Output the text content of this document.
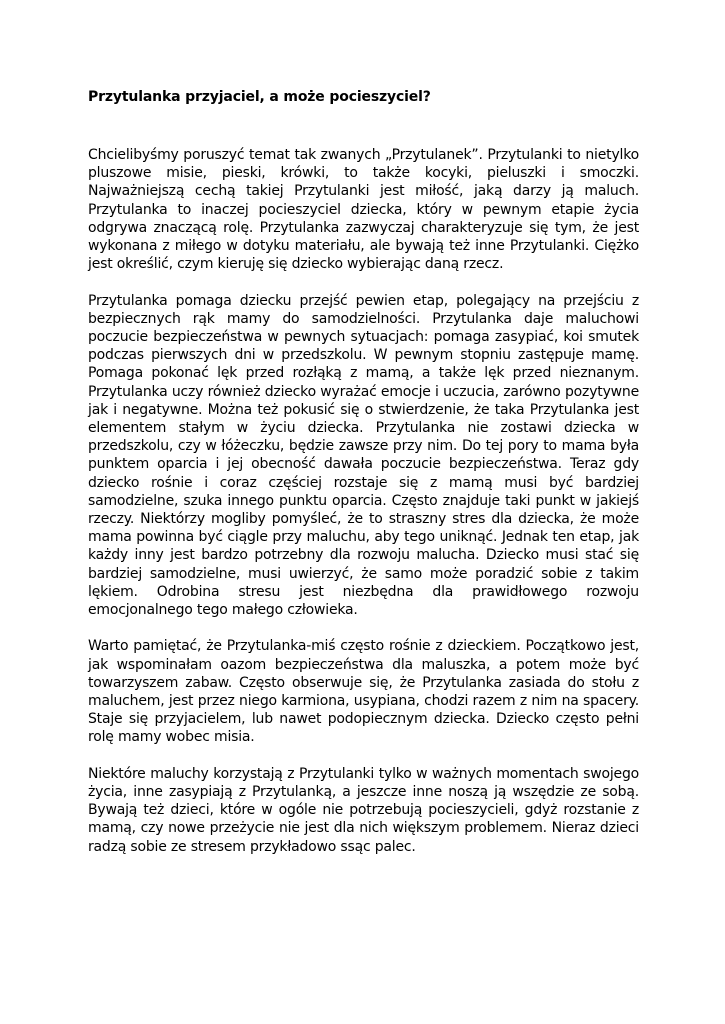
Przytulanka przyjaciel, a może pocieszyciel?

Chcielibyśmy poruszyć temat tak zwanych „Przytulanek”. Przytulanki to nietylko pluszowe misie, pieski, krówki, to także kocyki, pieluszki i smoczki. Najważniejszą cechą takiej Przytulanki jest miłość, jaką darzy ją maluch. Przytulanka to inaczej pocieszyciel dziecka, który w pewnym etapie życia odgrywa znaczącą rolę. Przytulanka zazwyczaj charakteryzuje się tym, że jest wykonana z miłego w dotyku materiału, ale bywają też inne Przytulanki. Ciężko jest określić, czym kieruję się dziecko wybierając daną rzecz.

Przytulanka pomaga dziecku przejść pewien etap, polegający na przejściu z bezpiecznych rąk mamy do samodzielności. Przytulanka daje maluchowi poczucie bezpieczeństwa w pewnych sytuacjach: pomaga zasypiać, koi smutek podczas pierwszych dni w przedszkolu. W pewnym stopniu zastępuje mamę. Pomaga pokonać lęk przed rozłąką z mamą, a także lęk przed nieznanym. Przytulanka uczy również dziecko wyrażać emocje i uczucia, zarówno pozytywne jak i negatywne. Można też pokusić się o stwierdzenie, że taka Przytulanka jest elementem stałym w życiu dziecka. Przytulanka nie zostawi dziecka w przedszkolu, czy w łóżeczku, będzie zawsze przy nim. Do tej pory to mama była punktem oparcia i jej obecność dawała poczucie bezpieczeństwa. Teraz gdy dziecko rośnie i coraz częściej rozstaje się z mamą musi być bardziej samodzielne, szuka innego punktu oparcia. Często znajduje taki punkt w jakiejś rzeczy. Niektórzy mogliby pomyśleć, że to straszny stres dla dziecka, że może mama powinna być ciągle przy maluchu, aby tego uniknąć. Jednak ten etap, jak każdy inny jest bardzo potrzebny dla rozwoju malucha. Dziecko musi stać się bardziej samodzielne, musi uwierzyć, że samo może poradzić sobie z takim lękiem. Odrobina stresu jest niezbędna dla prawidłowego rozwoju emocjonalnego tego małego człowieka.

Warto pamiętać, że Przytulanka-miś często rośnie z dzieckiem. Początkowo jest, jak wspominałam oazom bezpieczeństwa dla maluszka, a potem może być towarzyszem zabaw. Często obserwuje się, że Przytulanka zasiada do stołu z maluchem, jest przez niego karmiona, usypiana, chodzi razem z nim na spacery. Staje się przyjacielem, lub nawet podopiecznym dziecka. Dziecko często pełni rolę mamy wobec misia.

Niektóre maluchy korzystają z Przytulanki tylko w ważnych momentach swojego życia, inne zasypiają z Przytulanką, a jeszcze inne noszą ją wszędzie ze sobą. Bywają też dzieci, które w ogóle nie potrzebują pocieszycieli, gdyż rozstanie z mamą, czy nowe przeżycie nie jest dla nich większym problemem. Nieraz dzieci radzą sobie ze stresem przykładowo ssąc palec.
